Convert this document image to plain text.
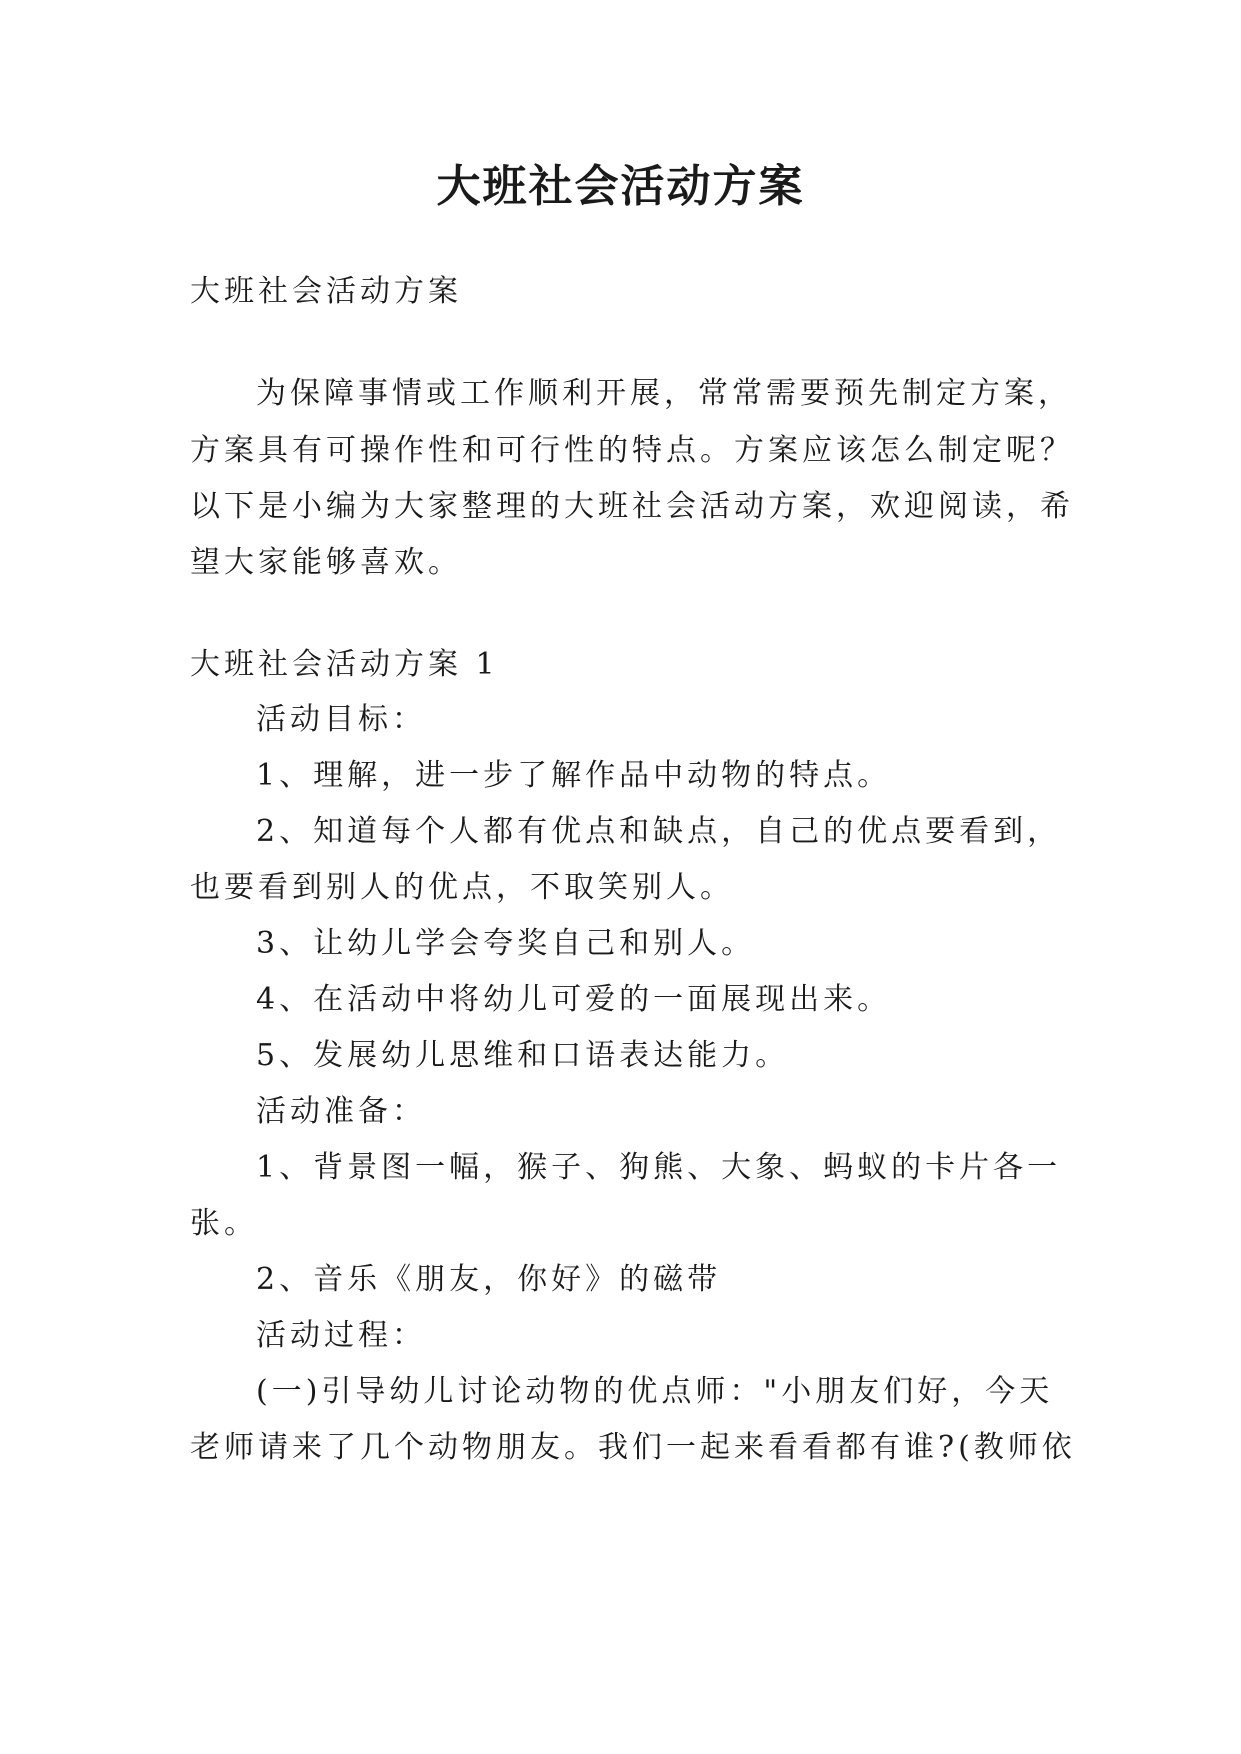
大班社会活动方案
大班社会活动方案
为保障事情或工作顺利开展，常常需要预先制定方案，
方案具有可操作性和可行性的特点。方案应该怎么制定呢？
以下是小编为大家整理的大班社会活动方案，欢迎阅读，希
望大家能够喜欢。
大班社会活动方案 1
活动目标：
1、理解，进一步了解作品中动物的特点。
2、知道每个人都有优点和缺点，自己的优点要看到，
也要看到别人的优点，不取笑别人。
3、让幼儿学会夸奖自己和别人。
4、在活动中将幼儿可爱的一面展现出来。
5、发展幼儿思维和口语表达能力。
活动准备：
1、背景图一幅，猴子、狗熊、大象、蚂蚁的卡片各一
张。
2、音乐《朋友，你好》的磁带
活动过程：
(一)引导幼儿讨论动物的优点师："小朋友们好，今天
老师请来了几个动物朋友。我们一起来看看都有谁?(教师依
